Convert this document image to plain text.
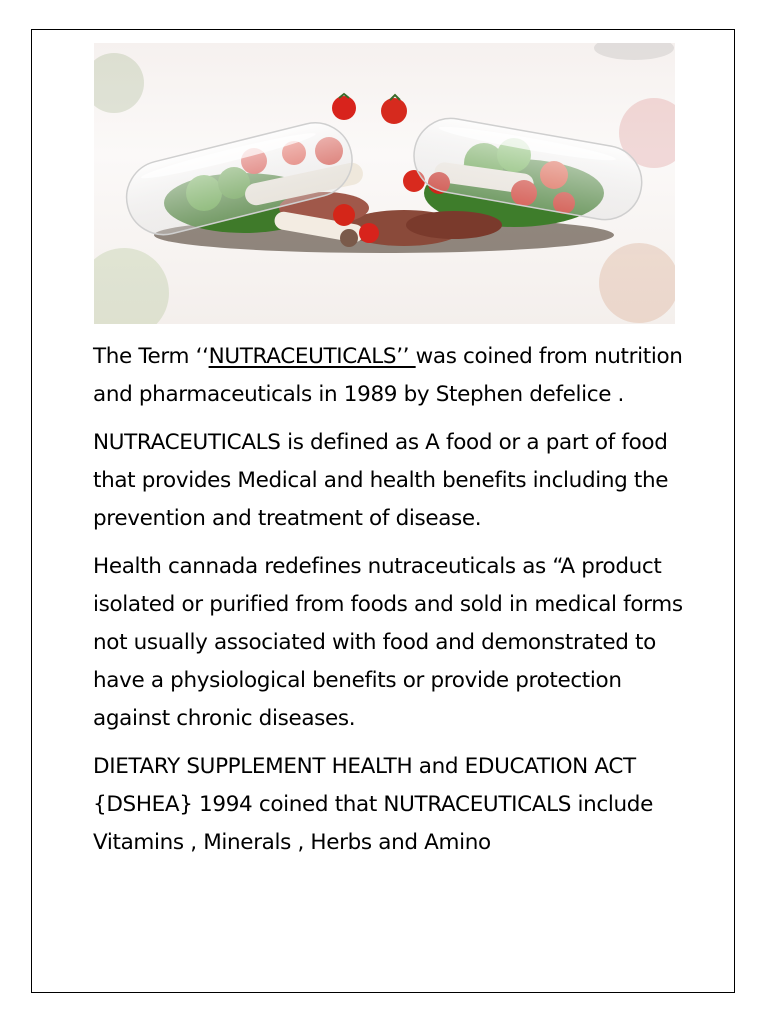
The Term ‘‘NUTRACEUTICALS’’ was coined from nutrition and pharmaceuticals in 1989 by Stephen defelice .

NUTRACEUTICALS is defined as A food or a part of food that provides Medical and health benefits including the prevention and treatment of disease.

Health cannada redefines nutraceuticals as “A product isolated or purified from foods and sold in medical forms not usually associated with food and demonstrated to have a physiological benefits or provide protection against chronic diseases.

DIETARY SUPPLEMENT HEALTH and EDUCATION ACT {DSHEA} 1994 coined that NUTRACEUTICALS include Vitamins , Minerals , Herbs and Amino
